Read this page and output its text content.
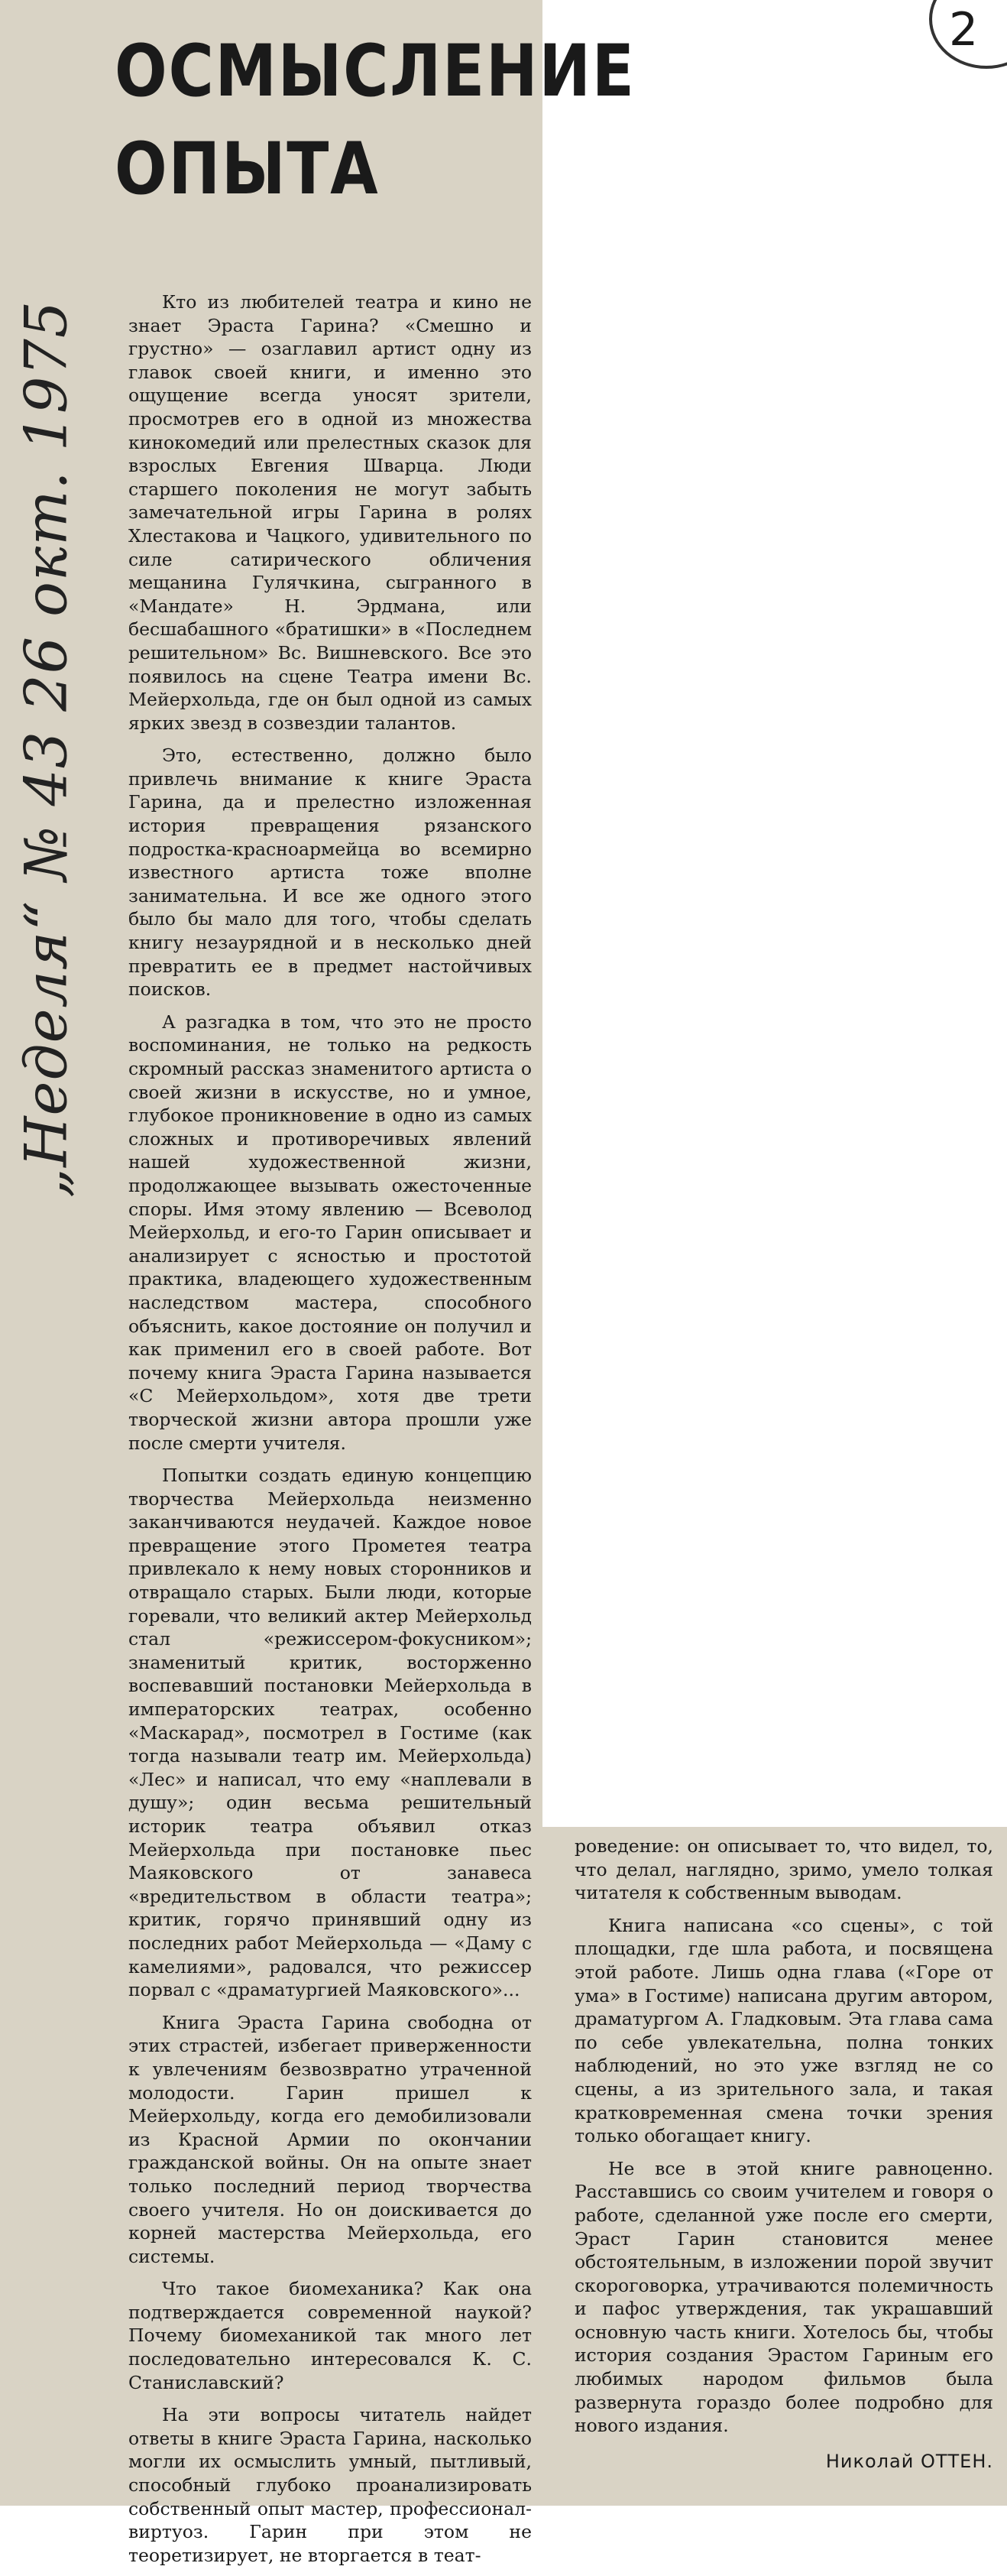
2
„Неделя“ № 43 26 окт. 1975
ОСМЫСЛЕНИЕ
ОПЫТА

Кто из любителей театра и кино не знает Эраста Гарина? «Смешно и грустно» — озаглавил артист одну из главок своей книги, и именно это ощущение всегда уносят зрители, просмотрев его в одной из множества кинокомедий или прелестных сказок для взрослых Евгения Шварца. Люди старшего поколения не могут забыть замечательной игры Гарина в ролях Хлестакова и Чацкого, удивительного по силе сатирического обличения мещанина Гулячкина, сыгранного в «Мандате» Н. Эрдмана, или бесшабашного «братишки» в «Последнем решительном» Вс. Вишневского. Все это появилось на сцене Театра имени Вс. Мейерхольда, где он был одной из самых ярких звезд в созвездии талантов.

Это, естественно, должно было привлечь внимание к книге Эраста Гарина, да и прелестно изложенная история превращения рязанского подростка-красноармейца во всемирно известного артиста тоже вполне занимательна. И все же одного этого было бы мало для того, чтобы сделать книгу незаурядной и в несколько дней превратить ее в предмет настойчивых поисков.

А разгадка в том, что это не просто воспоминания, не только на редкость скромный рассказ знаменитого артиста о своей жизни в искусстве, но и умное, глубокое проникновение в одно из самых сложных и противоречивых явлений нашей художественной жизни, продолжающее вызывать ожесточенные споры. Имя этому явлению — Всеволод Мейерхольд, и его-то Гарин описывает и анализирует с ясностью и простотой практика, владеющего художественным наследством мастера, способного объяснить, какое достояние он получил и как применил его в своей работе. Вот почему книга Эраста Гарина называется «С Мейерхольдом», хотя две трети творческой жизни автора прошли уже после смерти учителя.

Попытки создать единую концепцию творчества Мейерхольда неизменно заканчиваются неудачей. Каждое новое превращение этого Прометея театра привлекало к нему новых сторонников и отвращало старых. Были люди, которые горевали, что великий актер Мейерхольд стал «режиссером-фокусником»; знаменитый критик, восторженно воспевавший постановки Мейерхольда в императорских театрах, особенно «Маскарад», посмотрел в Гостиме (как тогда называли театр им. Мейерхольда) «Лес» и написал, что ему «наплевали в душу»; один весьма решительный историк театра объявил отказ Мейерхольда при постановке пьес Маяковского от занавеса «вредительством в области театра»; критик, горячо принявший одну из последних работ Мейерхольда — «Даму с камелиями», радовался, что режиссер порвал с «драматургией Маяковского»...

Книга Эраста Гарина свободна от этих страстей, избегает приверженности к увлечениям безвозвратно утраченной молодости. Гарин пришел к Мейерхольду, когда его демобилизовали из Красной Армии по окончании гражданской войны. Он на опыте знает только последний период творчества своего учителя. Но он доискивается до корней мастерства Мейерхольда, его системы.

Что такое биомеханика? Как она подтверждается современной наукой? Почему биомеханикой так много лет последовательно интересовался К. С. Станиславский?

На эти вопросы читатель найдет ответы в книге Эраста Гарина, насколько могли их осмыслить умный, пытливый, способный глубоко проанализировать собственный опыт мастер, профессионал-виртуоз. Гарин при этом не теоретизирует, не вторгается в теат-

роведение: он описывает то, что видел, то, что делал, наглядно, зримо, умело толкая читателя к собственным выводам.

Книга написана «со сцены», с той площадки, где шла работа, и посвящена этой работе. Лишь одна глава («Горе от ума» в Гостиме) написана другим автором, драматургом А. Гладковым. Эта глава сама по себе увлекательна, полна тонких наблюдений, но это уже взгляд не со сцены, а из зрительного зала, и такая кратковременная смена точки зрения только обогащает книгу.

Не все в этой книге равноценно. Расставшись со своим учителем и говоря о работе, сделанной уже после его смерти, Эраст Гарин становится менее обстоятельным, в изложении порой звучит скороговорка, утрачиваются полемичность и пафос утверждения, так украшавший основную часть книги. Хотелось бы, чтобы история создания Эрастом Гариным его любимых народом фильмов была развернута гораздо более подробно для нового издания.

Николай ОТТЕН.
